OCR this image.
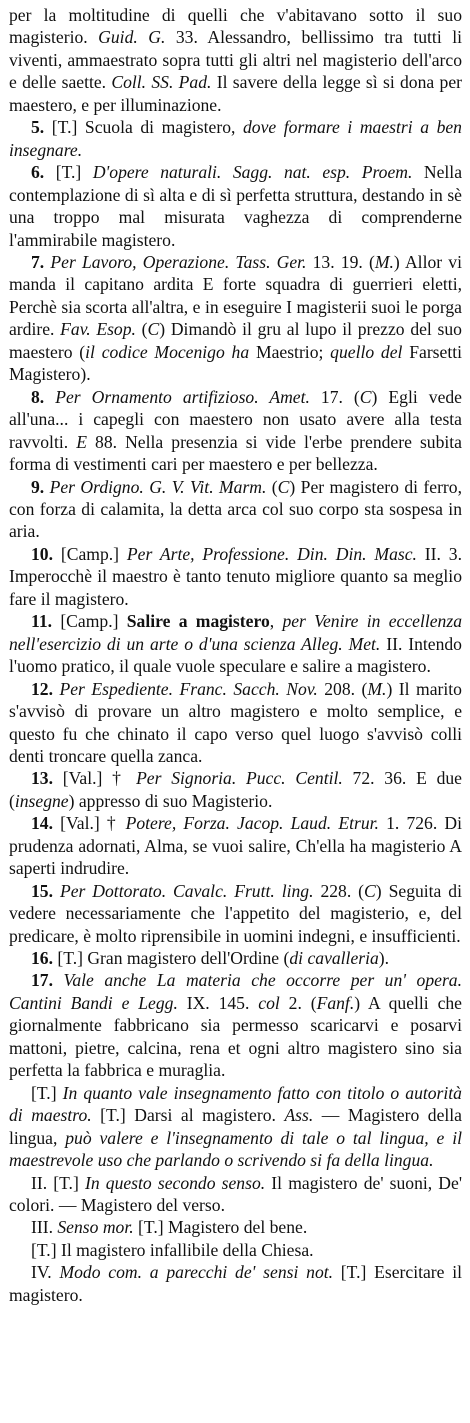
per la moltitudine di quelli che v'abitavano sotto il suo magisterio. Guid. G. 33. Alessandro, bellissimo tra tutti li viventi, ammaestrato sopra tutti gli altri nel magisterio dell'arco e delle saette. Coll. SS. Pad. Il savere della legge sì si dona per maestero, e per illuminazione.

5. [T.] Scuola di magistero, dove formare i maestri a ben insegnare.

6. [T.] D'opere naturali. Sagg. nat. esp. Proem. Nella contemplazione di sì alta e di sì perfetta struttura, destando in sè una troppo mal misurata vaghezza di comprenderne l'ammirabile magistero.

7. Per Lavoro, Operazione. Tass. Ger. 13. 19. (M.) Allor vi manda il capitano ardita E forte squadra di guerrieri eletti, Perchè sia scorta all'altra, e in eseguire I magisterii suoi le porga ardire. Fav. Esop. (C) Dimandò il gru al lupo il prezzo del suo maestero (il codice Mocenigo ha Maestrio; quello del Farsetti Magistero).

8. Per Ornamento artifizioso. Amet. 17. (C) Egli vede all'una... i capegli con maestero non usato avere alla testa ravvolti. E 88. Nella presenzia si vide l'erbe prendere subita forma di vestimenti cari per maestero e per bellezza.

9. Per Ordigno. G. V. Vit. Marm. (C) Per magistero di ferro, con forza di calamita, la detta arca col suo corpo sta sospesa in aria.

10. [Camp.] Per Arte, Professione. Din. Din. Masc. II. 3. Imperocchè il maestro è tanto tenuto migliore quanto sa meglio fare il magistero.

11. [Camp.] Salire a magistero, per Venire in eccellenza nell'esercizio di un arte o d'una scienza Alleg. Met. II. Intendo l'uomo pratico, il quale vuole speculare e salire a magistero.

12. Per Espediente. Franc. Sacch. Nov. 208. (M.) Il marito s'avvisò di provare un altro magistero e molto semplice, e questo fu che chinato il capo verso quel luogo s'avvisò colli denti troncare quella zanca.

13. [Val.] † Per Signoria. Pucc. Centil. 72. 36. E due (insegne) appresso di suo Magisterio.

14. [Val.] † Potere, Forza. Jacop. Laud. Etrur. 1. 726. Di prudenza adornati, Alma, se vuoi salire, Ch'ella ha magisterio A saperti indrudire.

15. Per Dottorato. Cavalc. Frutt. ling. 228. (C) Seguita di vedere necessariamente che l'appetito del magisterio, e, del predicare, è molto riprensibile in uomini indegni, e insufficienti.

16. [T.] Gran magistero dell'Ordine (di cavalleria).

17. Vale anche La materia che occorre per un' opera. Cantini Bandi e Legg. IX. 145. col 2. (Fanf.) A quelli che giornalmente fabbricano sia permesso scaricarvi e posarvi mattoni, pietre, calcina, rena et ogni altro magistero sino sia perfetta la fabbrica e muraglia.

[T.] In quanto vale insegnamento fatto con titolo o autorità di maestro. [T.] Darsi al magistero. Ass. — Magistero della lingua, può valere e l'insegnamento di tale o tal lingua, e il maestrevole uso che parlando o scrivendo si fa della lingua.

II. [T.] In questo secondo senso. Il magistero de' suoni, De' colori. — Magistero del verso.

III. Senso mor. [T.] Magistero del bene.

[T.] Il magistero infallibile della Chiesa.

IV. Modo com. a parecchi de' sensi not. [T.] Esercitare il magistero.
